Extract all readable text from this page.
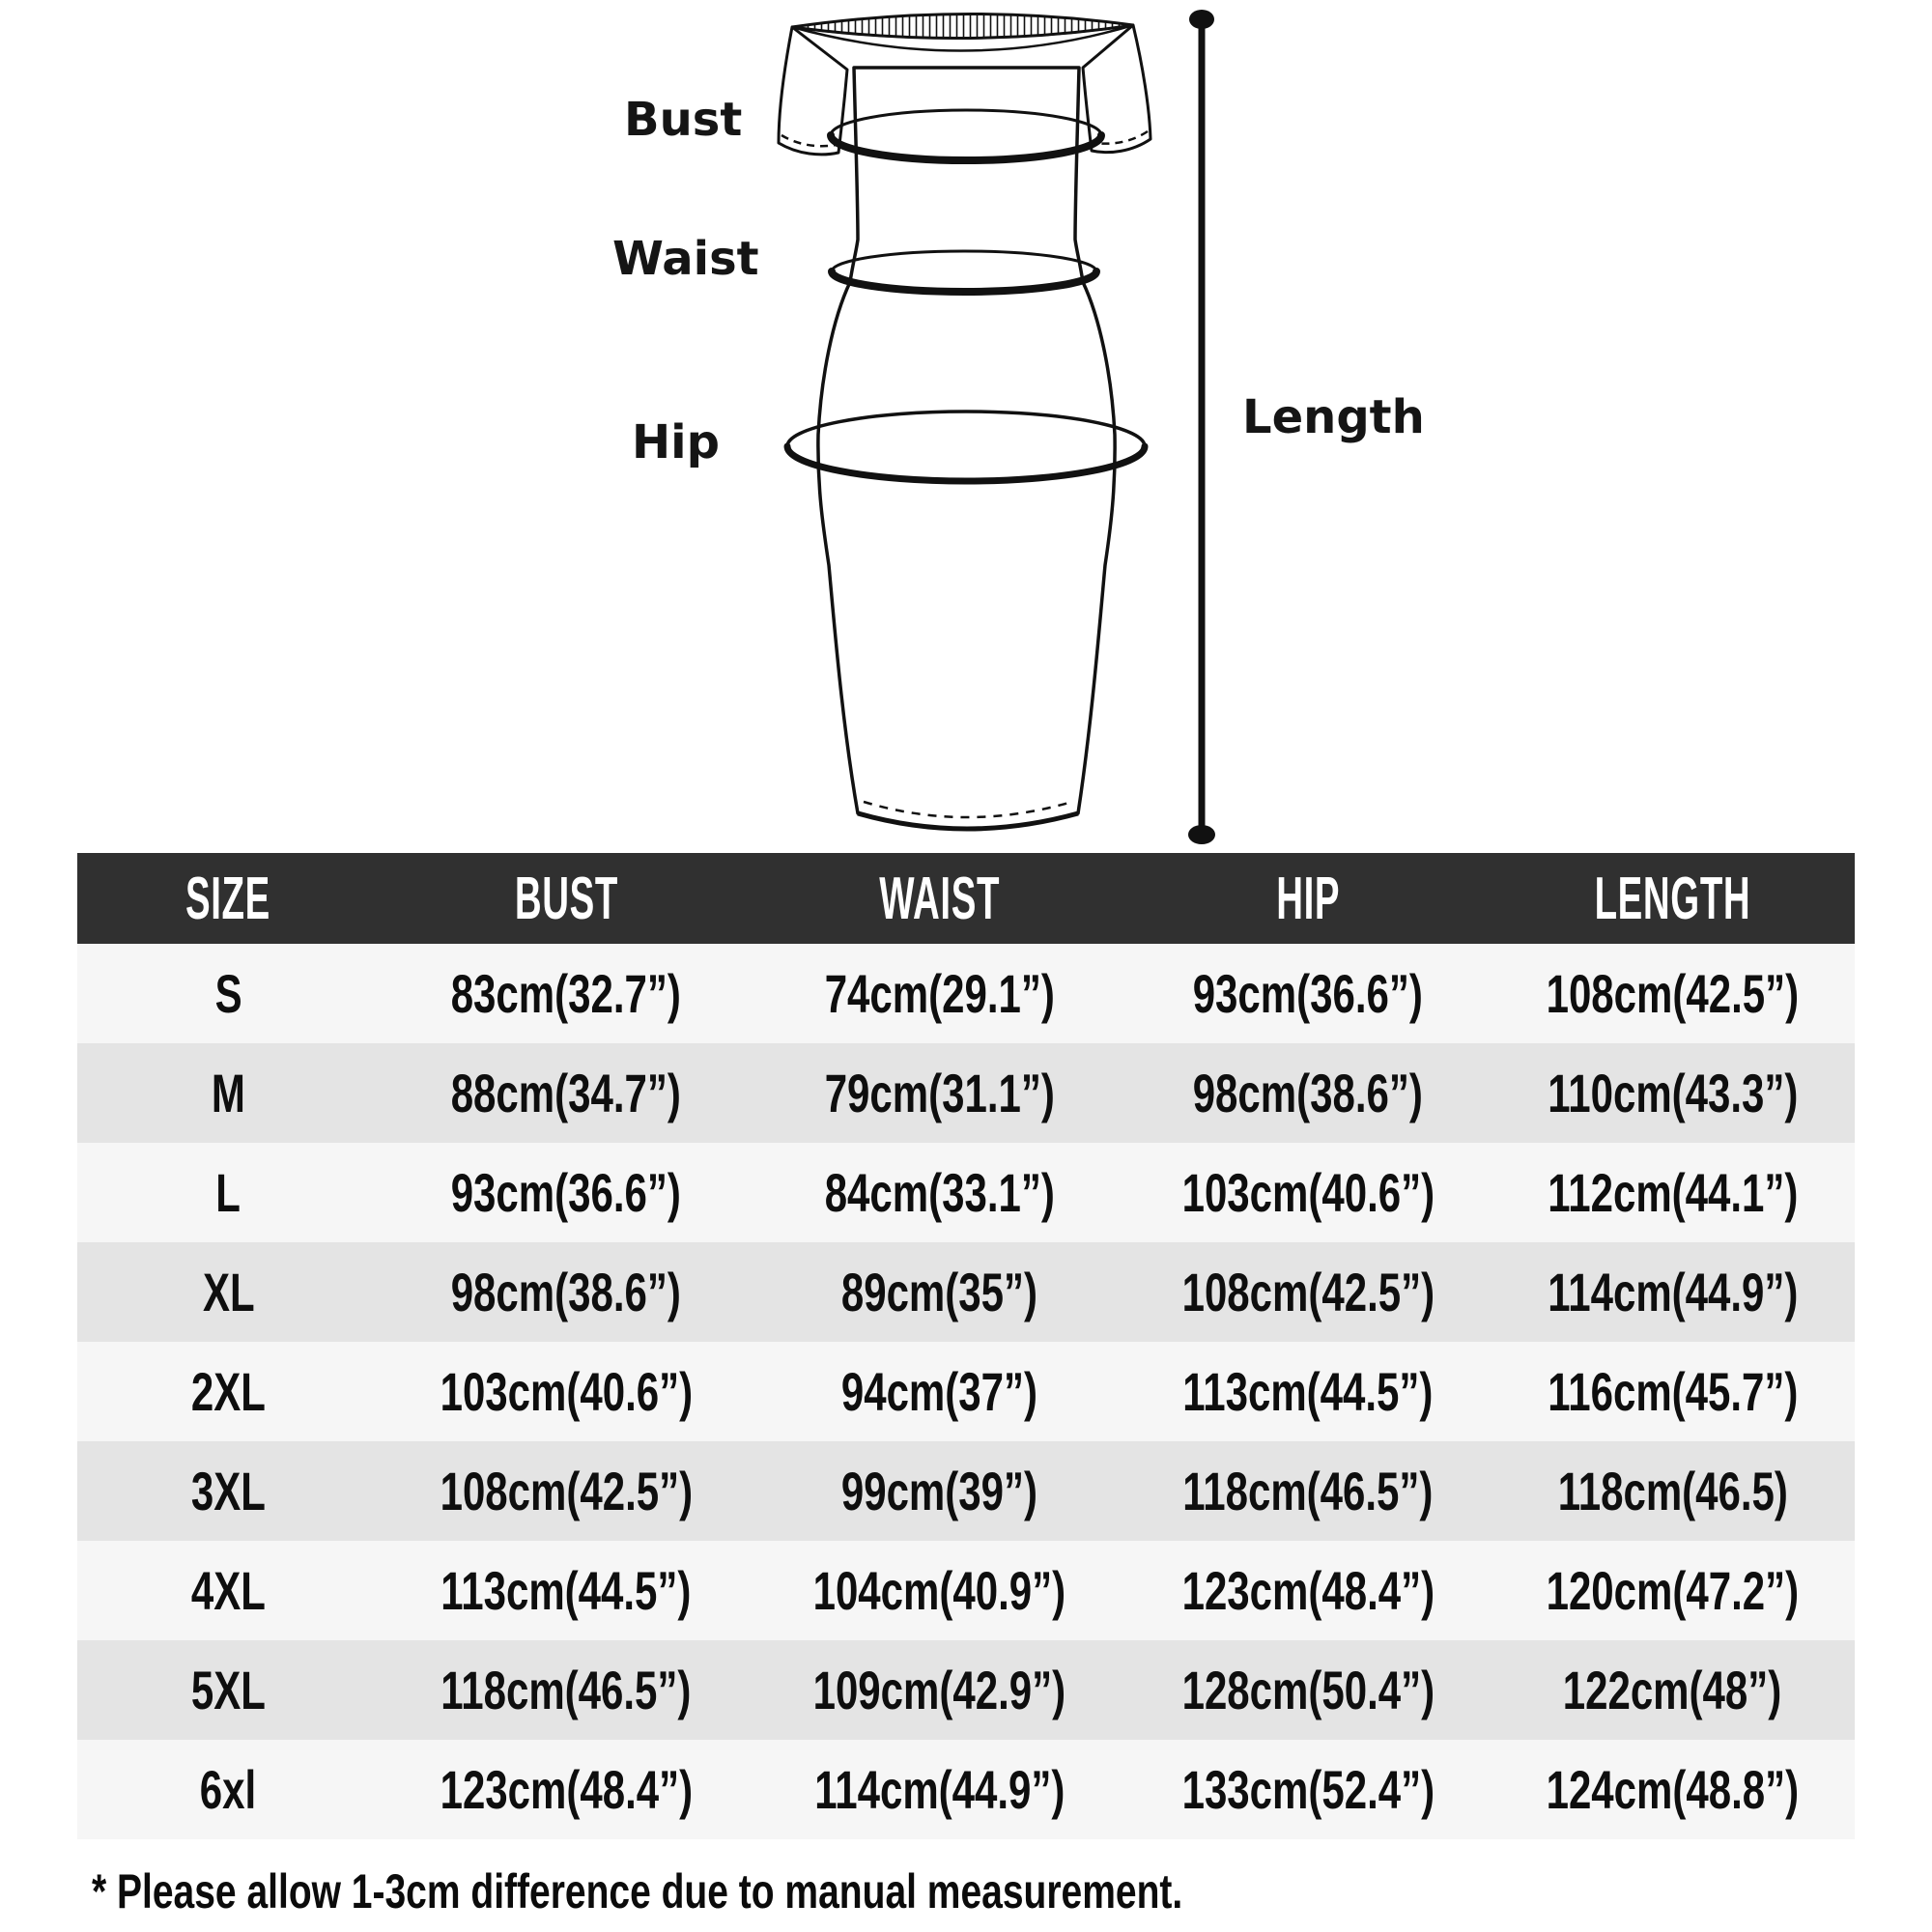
Bust
Waist
Hip	Length
SIZE	BUST	WAIST	HIP	LENGTH
S	83cm(32.7”)	74cm(29.1”)	93cm(36.6”) 108cm(42.5”)
M	88cm(34.7”)	79cm(31.1”)	98cm(38.6”) 110cm(43.3”)
L	93cm(36.6”)	84cm(33.1”) 103cm(40.6”) 112cm(44.1”)
XL	98cm(38.6”)	89cm(35”)	108cm(42.5”) 114cm(44.9”)
2XL	103cm(40.6”)	94cm(37”)	113cm(44.5”) 116cm(45.7”)
3XL	108cm(42.5”)	99cm(39”)	118cm(46.5”) 118cm(46.5)
4XL	113cm(44.5”) 104cm(40.9”) 123cm(48.4”) 120cm(47.2”)
5XL	118cm(46.5”) 109cm(42.9”) 128cm(50.4”) 122cm(48”)
6xl	123cm(48.4”) 114cm(44.9”) 133cm(52.4”) 124cm(48.8”)
* Please allow 1-3cm difference due to manual measurement.
